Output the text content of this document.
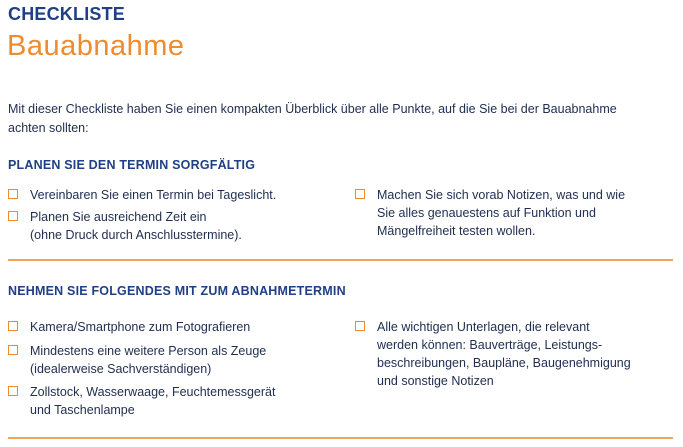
CHECKLISTE
Bauabnahme
Mit dieser Checkliste haben Sie einen kompakten Überblick über alle Punkte, auf die Sie bei der Bauabnahme achten sollten:
PLANEN SIE DEN TERMIN SORGFÄLTIG
Vereinbaren Sie einen Termin bei Tageslicht.
Planen Sie ausreichend Zeit ein
(ohne Druck durch Anschlusstermine).
Machen Sie sich vorab Notizen, was und wie
Sie alles genauestens auf Funktion und
Mängelfreiheit testen wollen.
NEHMEN SIE FOLGENDES MIT ZUM ABNAHMETERMIN
Kamera/Smartphone zum Fotografieren
Mindestens eine weitere Person als Zeuge
(idealerweise Sachverständigen)
Zollstock, Wasserwaage, Feuchtemessgerät
und Taschenlampe
Alle wichtigen Unterlagen, die relevant
werden können: Bauverträge, Leistungs-
beschreibungen, Baupläne, Baugenehmigung
und sonstige Notizen
